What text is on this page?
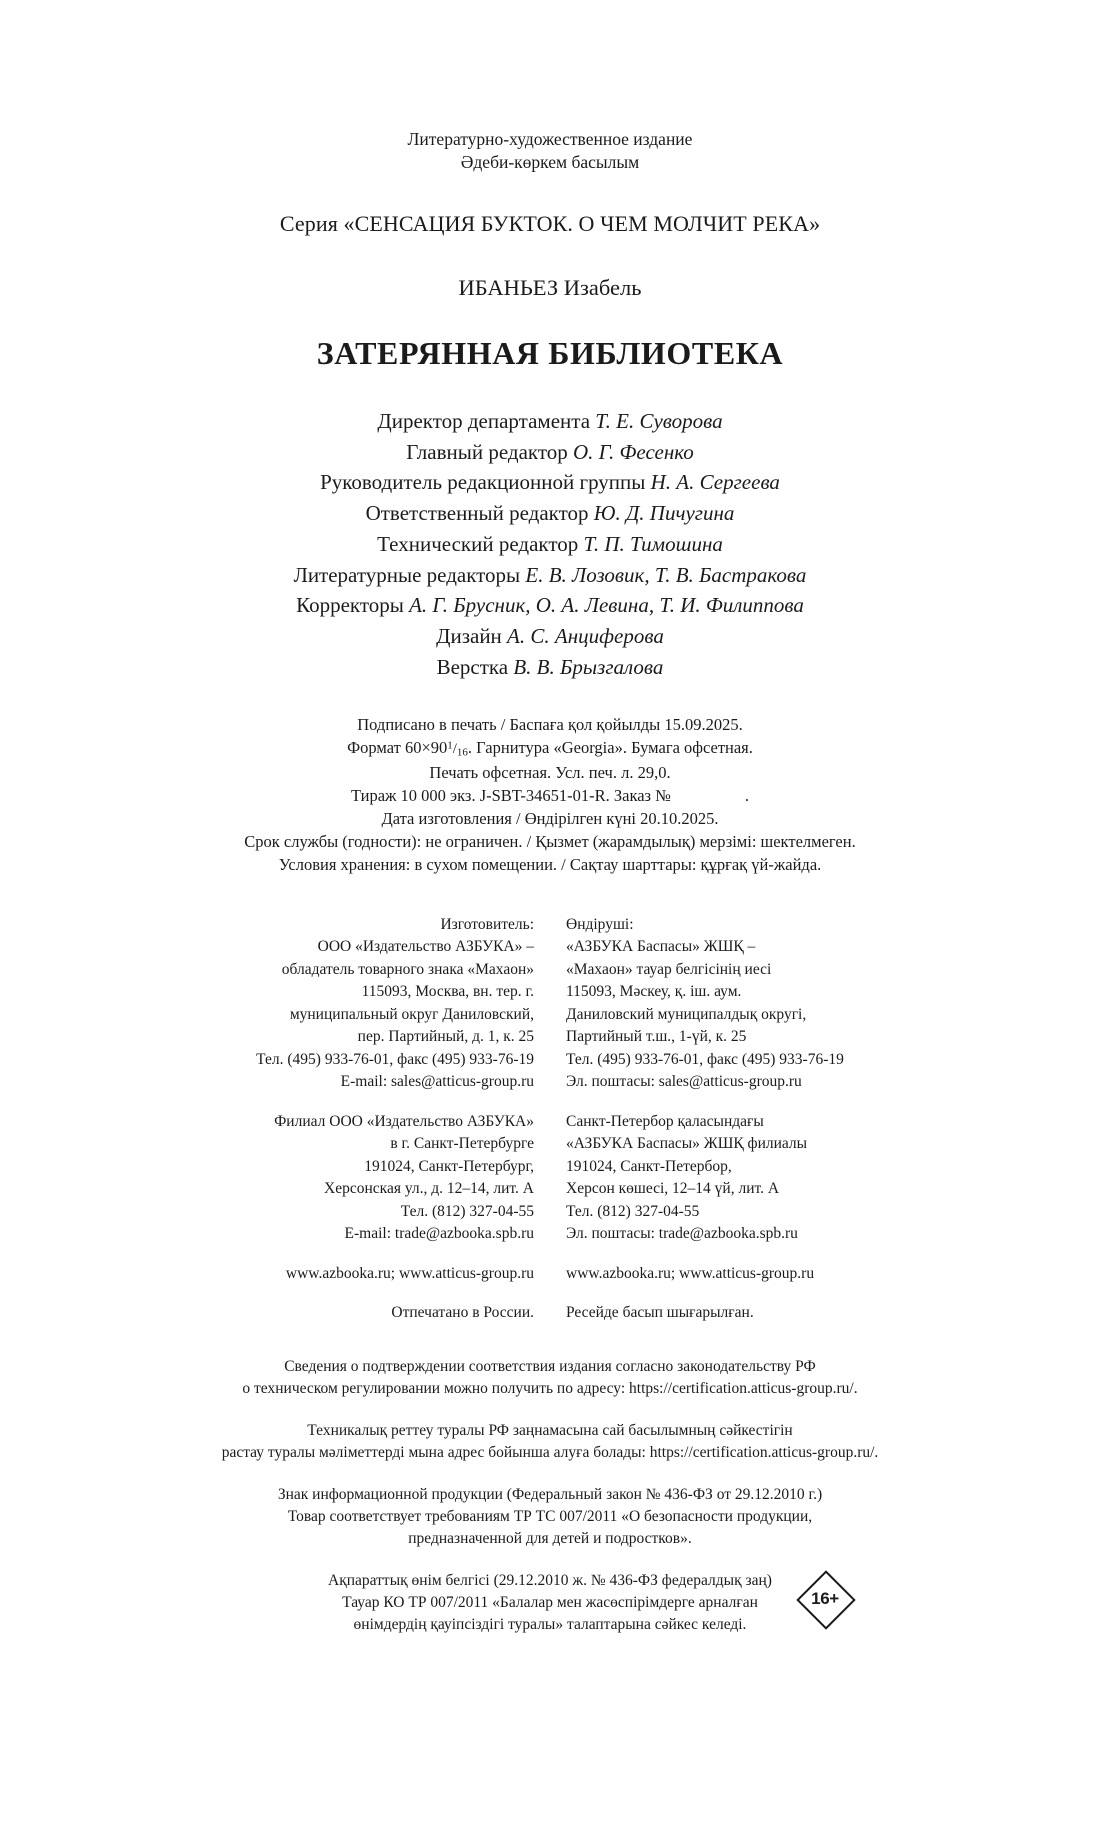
Литературно-художественное издание
Әдеби-көркем басылым
Серия «СЕНСАЦИЯ БУКТОК. О ЧЕМ МОЛЧИТ РЕКА»
ИБАНЬЕЗ Изабель
ЗАТЕРЯННАЯ БИБЛИОТЕКА
Директор департамента Т. Е. Суворова
Главный редактор О. Г. Фесенко
Руководитель редакционной группы Н. А. Сергеева
Ответственный редактор Ю. Д. Пичугина
Технический редактор Т. П. Тимошина
Литературные редакторы Е. В. Лозовик, Т. В. Бастракова
Корректоры А. Г. Брусник, О. А. Левина, Т. И. Филиппова
Дизайн А. С. Анциферова
Верстка В. В. Брызгалова
Подписано в печать / Баспаға қол қойылды 15.09.2025.
Формат $60\times 90^1/_{16}$. Гарнитура «Georgia». Бумага офсетная.
Печать офсетная. Усл. печ. л. 29,0.
Тираж 10 000 экз. J-SBT-34651-01-R. Заказ №	.
Дата изготовления / Өндірілген күні 20.10.2025.
Срок службы (годности): не ограничен. / Қызмет (жарамдылық) мерзімі: шектелмеген.
Условия хранения: в сухом помещении. / Сақтау шарттары: құрғақ үй-жайда.
Изготовитель:
ООО «Издательство АЗБУКА» –
обладатель товарного знака «Махаон»
115093, Москва, вн. тер. г.
муниципальный округ Даниловский,
пер. Партийный, д. 1, к. 25
Тел. (495) 933-76-01, факс (495) 933-76-19
E-mail: sales@atticus-group.ru
Филиал ООО «Издательство АЗБУКА»
в г. Санкт-Петербурге
191024, Санкт-Петербург,
Херсонская ул., д. 12–14, лит. А
Тел. (812) 327-04-55
E-mail: trade@azbooka.spb.ru
www.azbooka.ru; www.atticus-group.ru
Отпечатано в России.
Өндіруші:
«АЗБУКА Баспасы» ЖШҚ –
«Махаон» тауар белгісінің иесі
115093, Мәскеу, қ. іш. аум.
Даниловский муниципалдық округі,
Партийный т.ш., 1-үй, к. 25
Тел. (495) 933-76-01, факс (495) 933-76-19
Эл. поштасы: sales@atticus-group.ru
Санкт-Петербор қаласындағы
«АЗБУКА Баспасы» ЖШҚ филиалы
191024, Санкт-Петербор,
Херсон көшесі, 12–14 үй, лит. А
Тел. (812) 327-04-55
Эл. поштасы: trade@azbooka.spb.ru
www.azbooka.ru; www.atticus-group.ru
Ресейде басып шығарылған.

Сведения о подтверждении соответствия издания согласно законодательству РФ
о техническом регулировании можно получить по адресу: https://certification.atticus-group.ru/.

Техникалық реттеу туралы РФ заңнамасына сай басылымның сәйкестігін
растау туралы мәліметтерді мына адрес бойынша алуға болады: https://certification.atticus-group.ru/.

Знак информационной продукции (Федеральный закон № 436-ФЗ от 29.12.2010 г.)
Товар соответствует требованиям ТР ТС 007/2011 «О безопасности продукции,
предназначенной для детей и подростков».

Ақпараттық өнім белгісі (29.12.2010 ж. № 436-ФЗ федералдық заң)
Тауар КО ТР 007/2011 «Балалар мен жасөспірімдерге арналған
өнімдердің қауіпсіздігі туралы» талаптарына сәйкес келеді.

16+
